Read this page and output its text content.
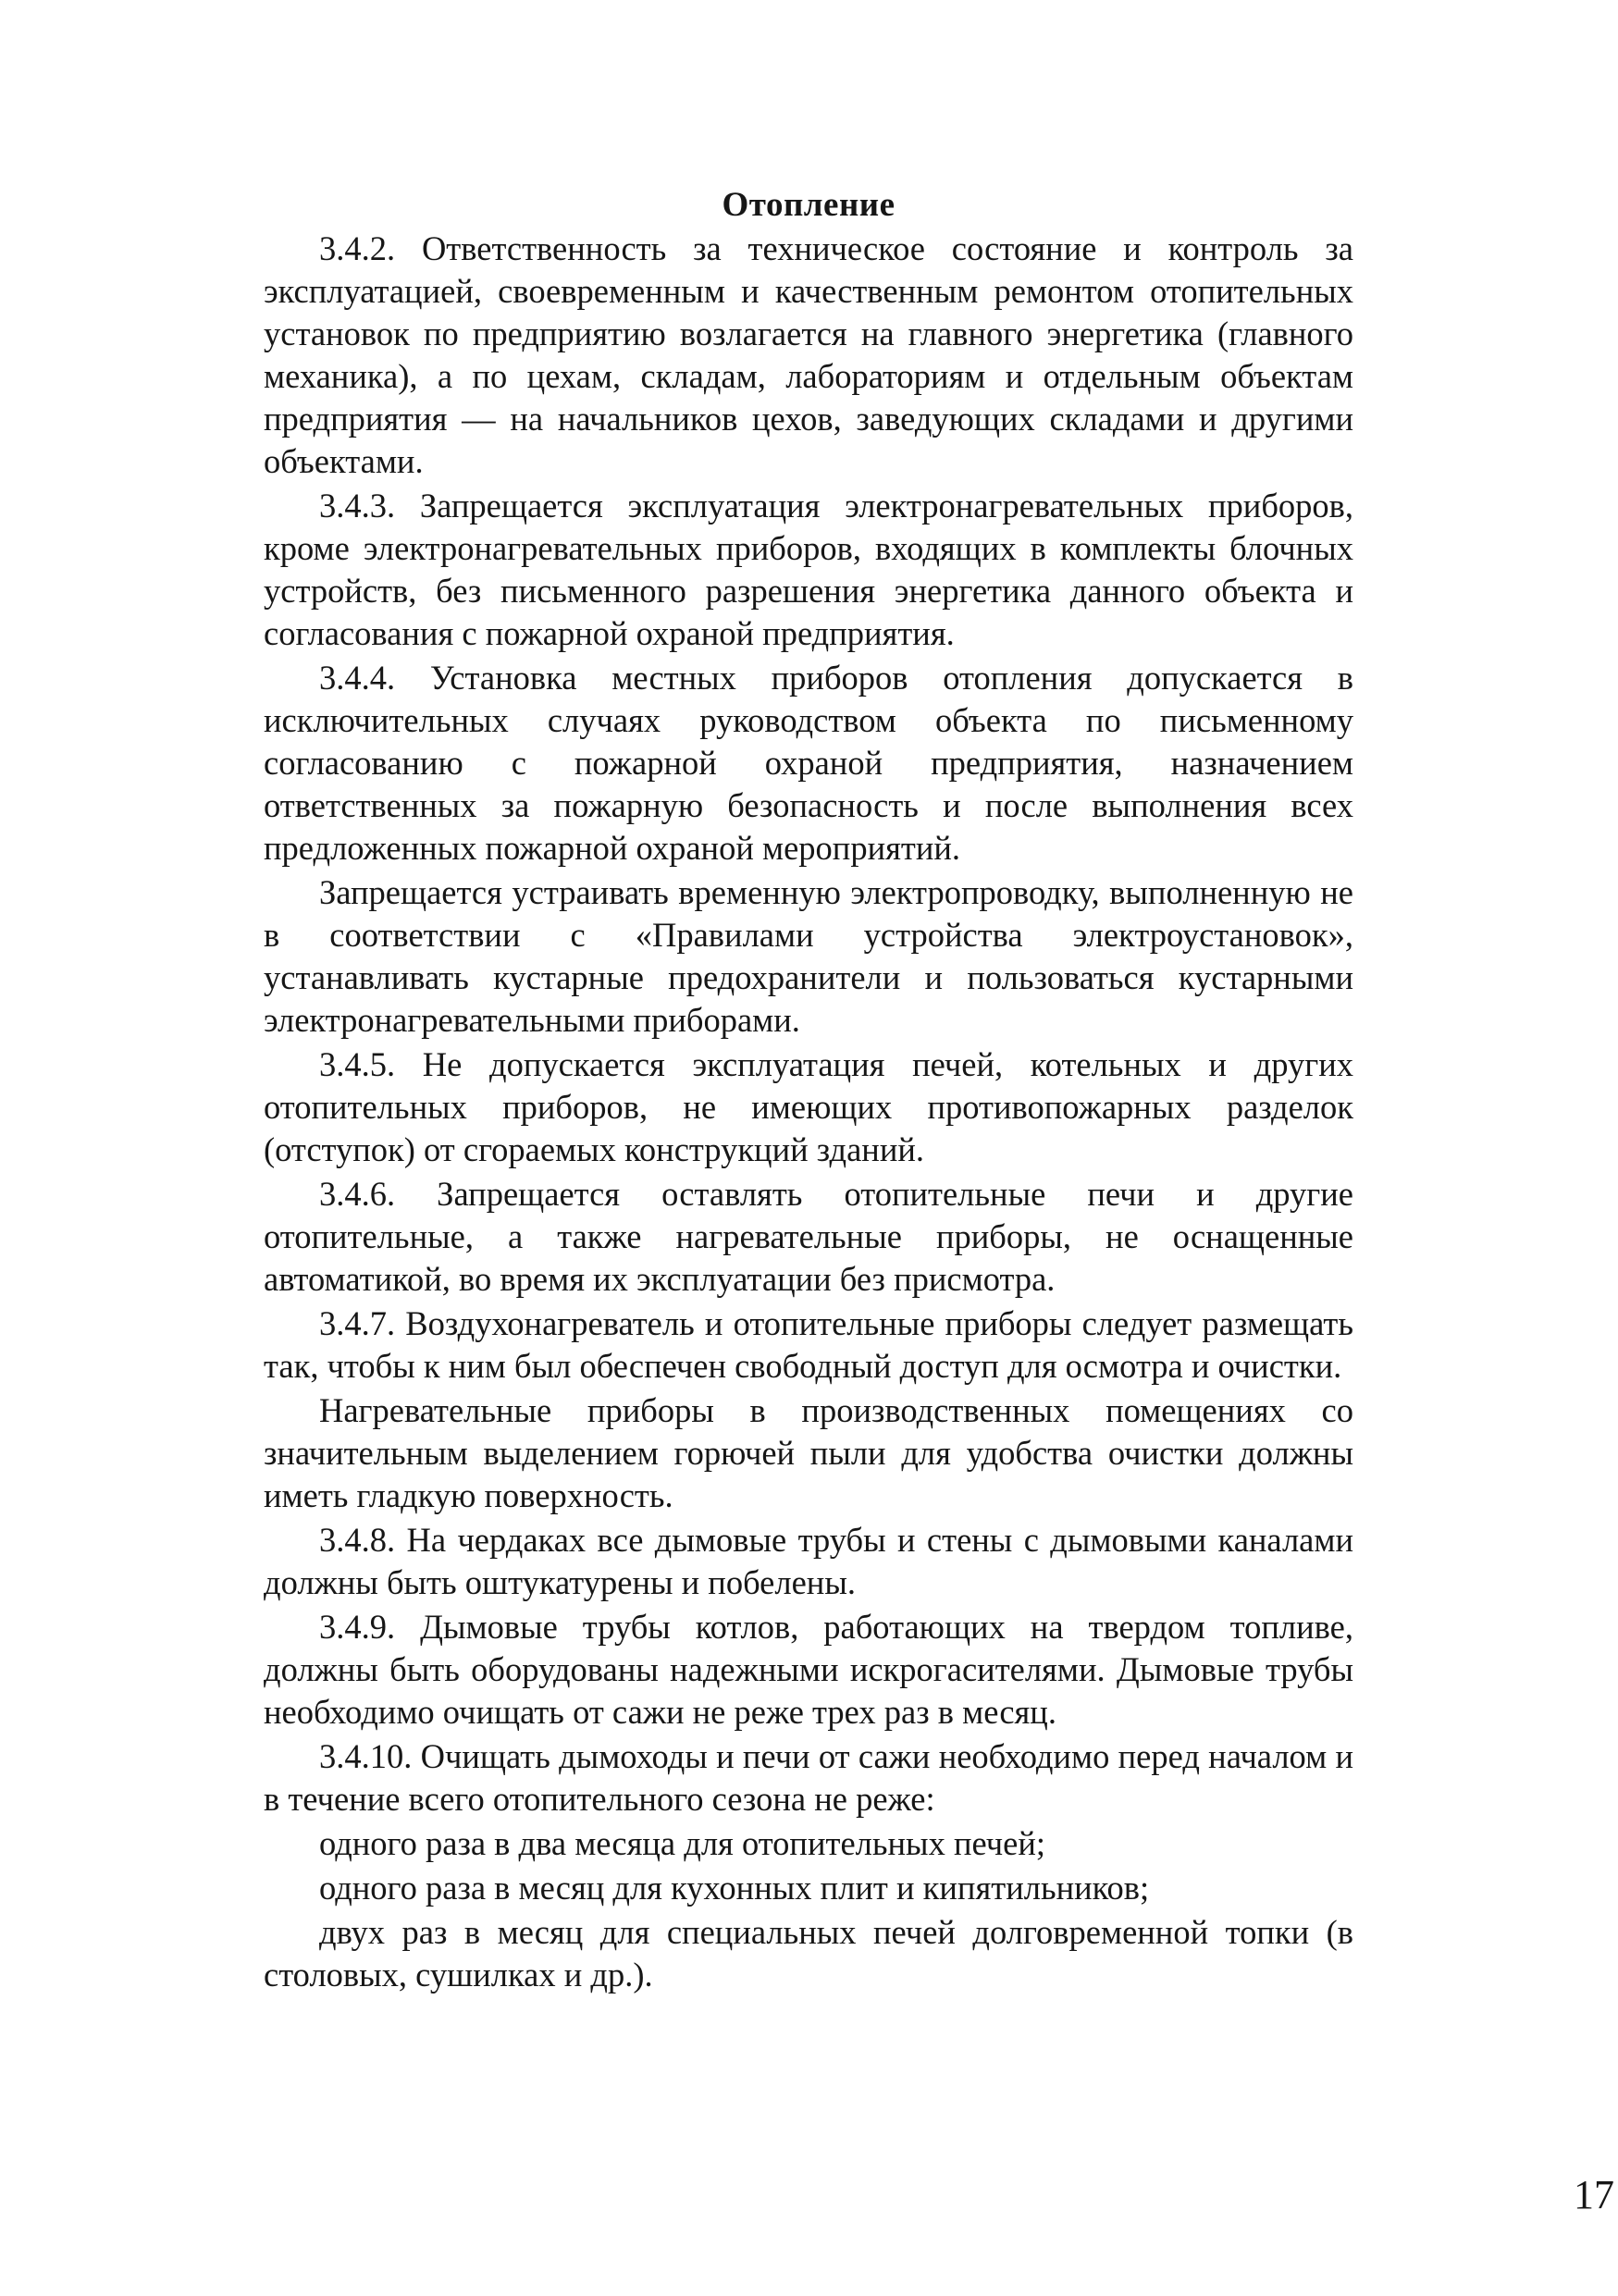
Отопление

3.4.2. Ответственность за техническое состояние и контроль за эксплуатацией, своевременным и качественным ремонтом отопительных установок по предприятию возлагается на главного энергетика (главного механика), а по цехам, складам, лабораториям и отдельным объектам предприятия — на начальников цехов, заведующих складами и другими объектами.

3.4.3. Запрещается эксплуатация электронагревательных приборов, кроме электронагревательных приборов, входящих в комплекты блочных устройств, без письменного разрешения энергетика данного объекта и согласования с пожарной охраной предприятия.

3.4.4. Установка местных приборов отопления допускается в исключительных случаях руководством объекта по письменному согласованию с пожарной охраной предприятия, назначением ответственных за пожарную безопасность и после выполнения всех предложенных пожарной охраной мероприятий.

Запрещается устраивать временную электропроводку, выполненную не в соответствии с «Правилами устройства электроустановок», устанавливать кустарные предохранители и пользоваться кустарными электронагревательными приборами.

3.4.5. Не допускается эксплуатация печей, котельных и других отопительных приборов, не имеющих противопожарных разделок (отступок) от сгораемых конструкций зданий.

3.4.6. Запрещается оставлять отопительные печи и другие отопительные, а также нагревательные приборы, не оснащенные автоматикой, во время их эксплуатации без присмотра.

3.4.7. Воздухонагреватель и отопительные приборы следует размещать так, чтобы к ним был обеспечен свободный доступ для осмотра и очистки.

Нагревательные приборы в производственных помещениях со значительным выделением горючей пыли для удобства очистки должны иметь гладкую поверхность.

3.4.8. На чердаках все дымовые трубы и стены с дымовыми каналами должны быть оштукатурены и побелены.

3.4.9. Дымовые трубы котлов, работающих на твердом топливе, должны быть оборудованы надежными искрогасителями. Дымовые трубы необходимо очищать от сажи не реже трех раз в месяц.

3.4.10. Очищать дымоходы и печи от сажи необходимо перед началом и в течение всего отопительного сезона не реже:

одного раза в два месяца для отопительных печей;

одного раза в месяц для кухонных плит и кипятильников;

двух раз в месяц для специальных печей долговременной топки (в столовых, сушилках и др.).

17
